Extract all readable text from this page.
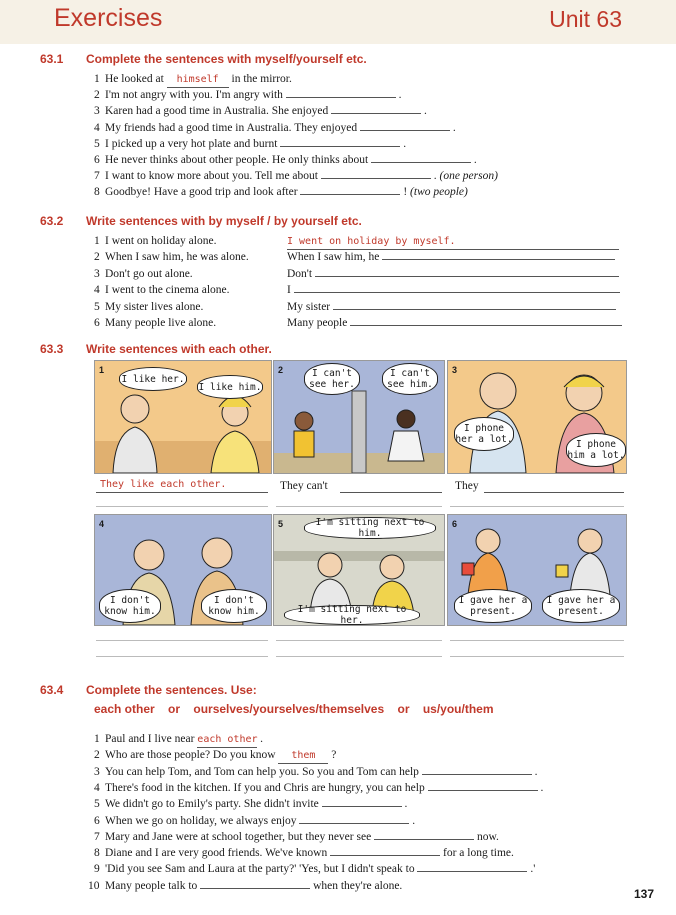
Exercises	Unit 63
63.1 Complete the sentences with myself/yourself etc.
1 He looked at himself in the mirror.
2 I'm not angry with you. I'm angry with	.
3 Karen had a good time in Australia. She enjoyed	.
4 My friends had a good time in Australia. They enjoyed	.
5 I picked up a very hot plate and burnt	.
6 He never thinks about other people. He only thinks about	.
7 I want to know more about you. Tell me about	. (one person)
8 Goodbye! Have a good trip and look after	! (two people)
63.2 Write sentences with by myself / by yourself etc.
1 I went on holiday alone.	I went on holiday by myself.
2 When I saw him, he was alone.	When I saw him, he
3 Don't go out alone.	Don't
4 I went to the cinema alone.	I
5 My sister lives alone.	My sister
6 Many people live alone.	Many people
63.3 Write sentences with each other.
1
I like her.
I like him.
2	I can't see her.
I can't see him.
3
I phone her a lot.	I phone him a lot.
They like each other.	They can't	They
4
I don't know him.
I don't know him.
5	I'm sitting next to him.
I'm sitting next to her.
6
I gave her a present.
I gave her a present.
63.4 Complete the sentences. Use:
each other or ourselves/yourselves/themselves or us/you/them
1 Paul and I live near each other .
2 Who are those people? Do you know them ?
3 You can help Tom, and Tom can help you. So you and Tom can help	.
4 There's food in the kitchen. If you and Chris are hungry, you can help	.
5 We didn't go to Emily's party. She didn't invite	.
6 When we go on holiday, we always enjoy	.
7 Mary and Jane were at school together, but they never see	now.
8 Diane and I are very good friends. We've known	for a long time.
9 'Did you see Sam and Laura at the party?' 'Yes, but I didn't speak to	.'
10 Many people talk to	when they're alone.
137
